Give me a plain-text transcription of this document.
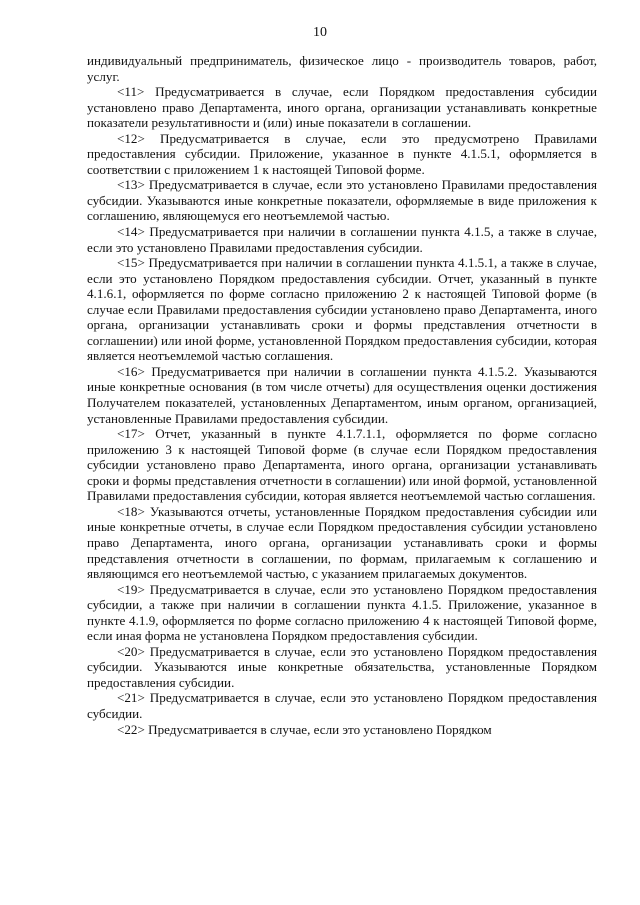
10

индивидуальный предприниматель, физическое лицо - производитель товаров, работ, услуг.

<11> Предусматривается в случае, если Порядком предоставления субсидии установлено право Департамента, иного органа, организации устанавливать конкретные показатели результативности и (или) иные показатели в соглашении.

<12> Предусматривается в случае, если это предусмотрено Правилами предоставления субсидии. Приложение, указанное в пункте 4.1.5.1, оформляется в соответствии с приложением 1 к настоящей Типовой форме.

<13> Предусматривается в случае, если это установлено Правилами предоставления субсидии. Указываются иные конкретные показатели, оформляемые в виде приложения к соглашению, являющемуся его неотъемлемой частью.

<14> Предусматривается при наличии в соглашении пункта 4.1.5, а также в случае, если это установлено Правилами предоставления субсидии.

<15> Предусматривается при наличии в соглашении пункта 4.1.5.1, а также в случае, если это установлено Порядком предоставления субсидии. Отчет, указанный в пункте 4.1.6.1, оформляется по форме согласно приложению 2 к настоящей Типовой форме (в случае если Правилами предоставления субсидии установлено право Департамента, иного органа, организации устанавливать сроки и формы представления отчетности в соглашении) или иной форме, установленной Порядком предоставления субсидии, которая является неотъемлемой частью соглашения.

<16> Предусматривается при наличии в соглашении пункта 4.1.5.2. Указываются иные конкретные основания (в том числе отчеты) для осуществления оценки достижения Получателем показателей, установленных Департаментом, иным органом, организацией, установленные Правилами предоставления субсидии.

<17> Отчет, указанный в пункте 4.1.7.1.1, оформляется по форме согласно приложению 3 к настоящей Типовой форме (в случае если Порядком предоставления субсидии установлено право Департамента, иного органа, организации устанавливать сроки и формы представления отчетности в соглашении) или иной формой, установленной Правилами предоставления субсидии, которая является неотъемлемой частью соглашения.

<18> Указываются отчеты, установленные Порядком предоставления субсидии или иные конкретные отчеты, в случае если Порядком предоставления субсидии установлено право Департамента, иного органа, организации устанавливать сроки и формы представления отчетности в соглашении, по формам, прилагаемым к соглашению и являющимся его неотъемлемой частью, с указанием прилагаемых документов.

<19> Предусматривается в случае, если это установлено Порядком предоставления субсидии, а также при наличии в соглашении пункта 4.1.5. Приложение, указанное в пункте 4.1.9, оформляется по форме согласно приложению 4 к настоящей Типовой форме, если иная форма не установлена Порядком предоставления субсидии.

<20> Предусматривается в случае, если это установлено Порядком предоставления субсидии. Указываются иные конкретные обязательства, установленные Порядком предоставления субсидии.

<21> Предусматривается в случае, если это установлено Порядком предоставления субсидии.

<22> Предусматривается в случае, если это установлено Порядком
